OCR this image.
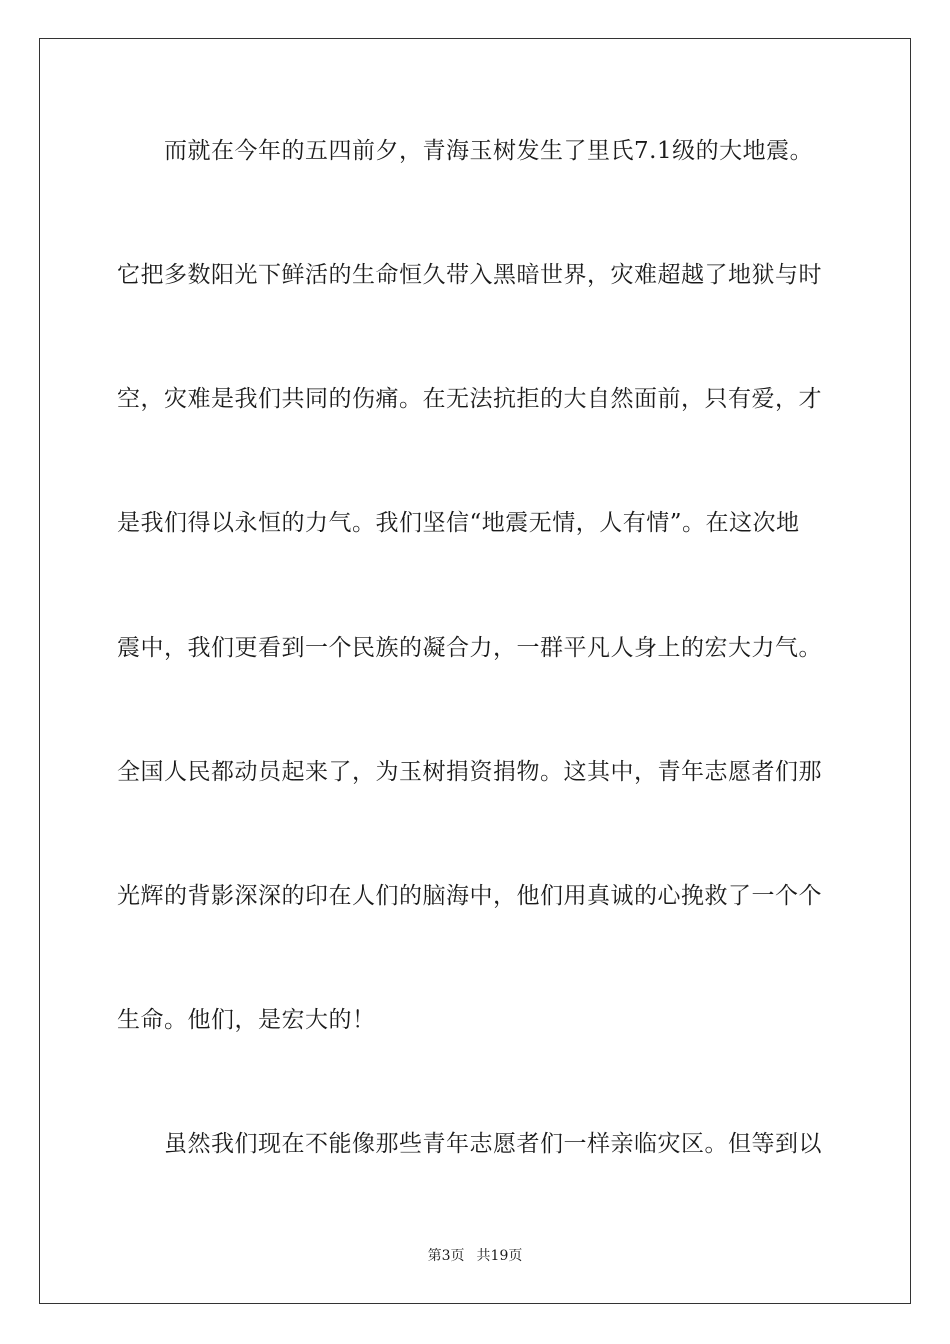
而就在今年的五四前夕，青海玉树发生了里氏7.1级的大地震。

它把多数阳光下鲜活的生命恒久带入黑暗世界，灾难超越了地狱与时

空，灾难是我们共同的伤痛。在无法抗拒的大自然面前，只有爱，才

是我们得以永恒的力气。我们坚信“地震无情，人有情”。在这次地

震中，我们更看到一个民族的凝合力，一群平凡人身上的宏大力气。

全国人民都动员起来了，为玉树捐资捐物。这其中，青年志愿者们那

光辉的背影深深的印在人们的脑海中，他们用真诚的心挽救了一个个

生命。他们，是宏大的！

虽然我们现在不能像那些青年志愿者们一样亲临灾区。但等到以

第3页 共19页
